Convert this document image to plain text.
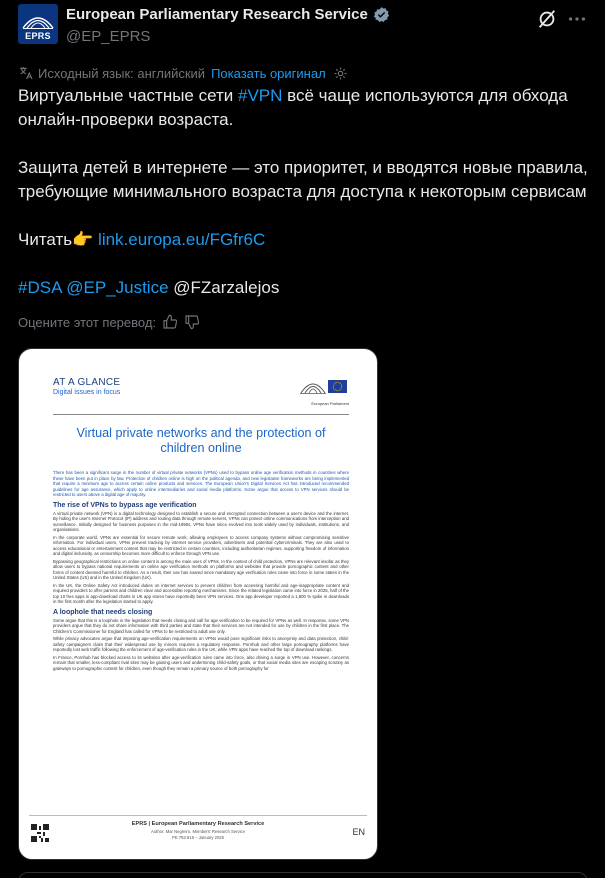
EPRS
European Parliamentary Research Service
@EP_EPRS
Исходный язык: английский Показать оригинал

Виртуальные частные сети #VPN всё чаще используются для обхода

онлайн-проверки возраста.

Защита детей в интернете — это приоритет, и вводятся новые правила,

требующие минимального возраста для доступа к некоторым сервисам

Читать👉 link.europa.eu/FGfr6C

#DSA @EP_Justice @FZarzalejos

Оцените этот перевод:
AT A GLANCE
Digital issues in focus
European Parliament
Virtual private networks and the protection of
children online
There has been a significant surge in the number of virtual private networks (VPNs) used to bypass online age verification methods in countries where these have been put in place by law. Protection of children online is high on the political agenda, and new legislative frameworks are being implemented that require a minimum age to access certain online products and services. The European Union's Digital Services Act has introduced recommended guidelines for age assurance, which apply to online intermediaries and social media platforms. Some argue that access to VPN services should be restricted to users above a digital age of majority.
The rise of VPNs to bypass age verification
A virtual private network (VPN) is a digital technology designed to establish a secure and encrypted connection between a user's device and the internet. By hiding the user's Internet Protocol (IP) address and routing data through remote servers, VPNs can protect online communications from interception and surveillance. Initially designed for business purposes in the mid-1990s, VPNs have since evolved into tools widely used by individuals, institutions, and organisations.
In the corporate world, VPNs are essential for secure remote work, allowing employees to access company systems without compromising sensitive information. For individual users, VPNs prevent tracking by internet service providers, advertisers and potential cybercriminals. They are also used to access educational or entertainment content that may be restricted in certain countries, including authoritarian regimes, supporting freedom of information and digital inclusivity, as censorship becomes more difficult to enforce through VPN use.
Bypassing geographical restrictions on online content is among the main uses of VPNs. In the context of child protection, VPNs are relevant insofar as they allow users to bypass national requirements on online age verification methods on platforms and websites that provide pornographic content and other forms of content deemed harmful to children. As a result, their use has soared since mandatory age verification rules came into force in some states in the United States (US) and in the United Kingdom (UK).
In the UK, the Online Safety Act introduced duties on internet services to prevent children from accessing harmful and age-inappropriate content and required providers to offer parents and children clear and accessible reporting mechanisms. Since the related legislation came into force in 2025, half of the top 10 free apps in app-download charts in UK app stores have reportedly been VPN services. One app developer reported a 1,800 % spike in downloads in the first month after the legislation started to apply.
A loophole that needs closing
Some argue that this is a loophole in the legislation that needs closing and call for age verification to be required for VPNs as well. In response, some VPN providers argue that they do not share information with third parties and state that their services are not intended for use by children in the first place. The Children's Commissioner for England has called for VPNs to be restricted to adult use only.
While privacy advocates argue that imposing age-verification requirements on VPNs would pose significant risks to anonymity and data protection, child-safety campaigners claim that their widespread use by minors requires a regulatory response. Pornhub and other large pornography platforms have reportedly lost web traffic following the enforcement of age-verification rules in the UK, while VPN apps have reached the top of download rankings.
In France, Pornhub has blocked access to its websites after age-verification rules came into force, also driving a surge in VPN use. However, concerns remain that smaller, less-compliant rival sites may be gaining users and undermining child-safety goals, or that social media sites are escaping scrutiny as gateways to pornographic content for children, even though they remain a primary source of both pornography for
EPRS | European Parliamentary Research Service
Author: Mar Negreiro, Members' Research Service
PE 782.618 – January 2026
EN
